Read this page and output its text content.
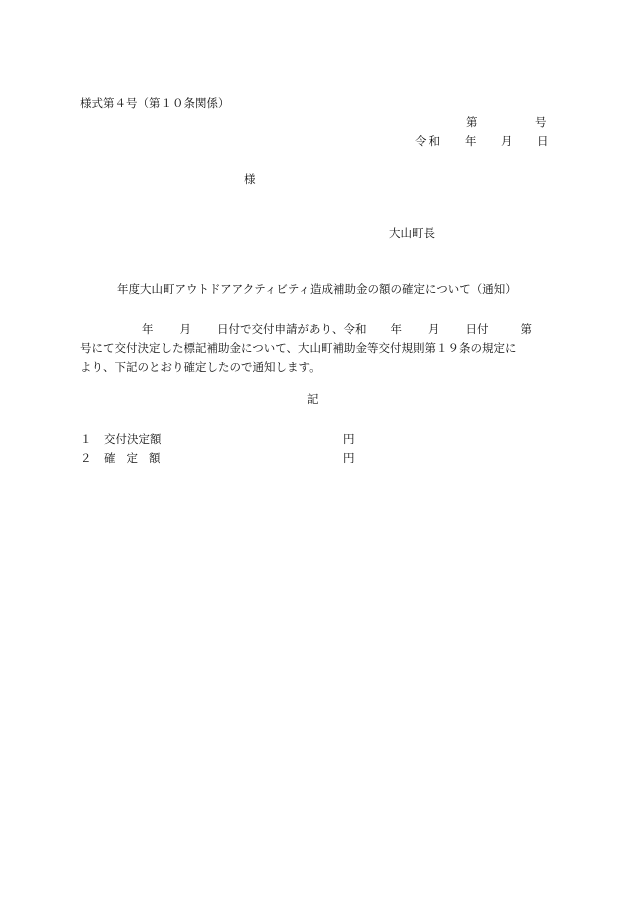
様式第４号（第１０条関係）
第	号
令和 年 月 日
様
大山町長
年度大山町アウトドアアクティビティ造成補助金の額の確定について（通知）
年 月 日付で交付申請があり、令和 年 月 日付	第
号にて交付決定した標記補助金について、大山町補助金等交付規則第１９条の規定に
より、下記のとおり確定したので通知します。
記
１ 交付決定額	円
２ 確定額	円
